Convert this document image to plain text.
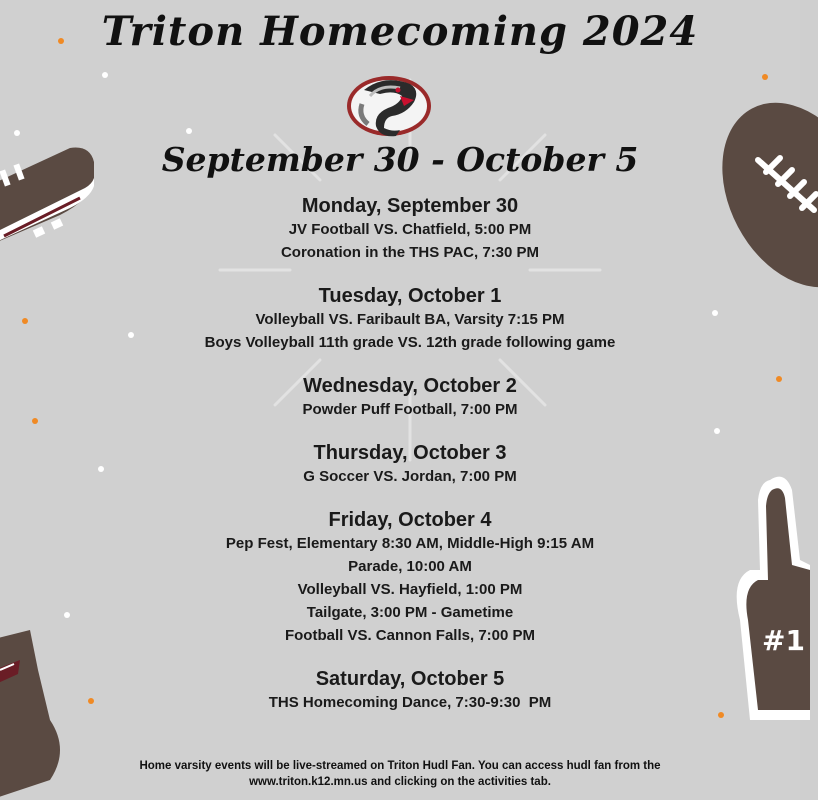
#1
Triton Homecoming 2024
September 30 - October 5
Monday, September 30
JV Football VS. Chatfield, 5:00 PM
Coronation in the THS PAC, 7:30 PM
Tuesday, October 1
Volleyball VS. Faribault BA, Varsity 7:15 PM
Boys Volleyball 11th grade VS. 12th grade following game
Wednesday, October 2
Powder Puff Football, 7:00 PM
Thursday, October 3
G Soccer VS. Jordan, 7:00 PM
Friday, October 4
Pep Fest, Elementary 8:30 AM, Middle-High 9:15 AM
Parade, 10:00 AM
Volleyball VS. Hayfield, 1:00 PM
Tailgate, 3:00 PM - Gametime
Football VS. Cannon Falls, 7:00 PM
Saturday, October 5
THS Homecoming Dance, 7:30-9:30  PM
Home varsity events will be live-streamed on Triton Hudl Fan. You can access hudl fan from the
www.triton.k12.mn.us and clicking on the activities tab.
